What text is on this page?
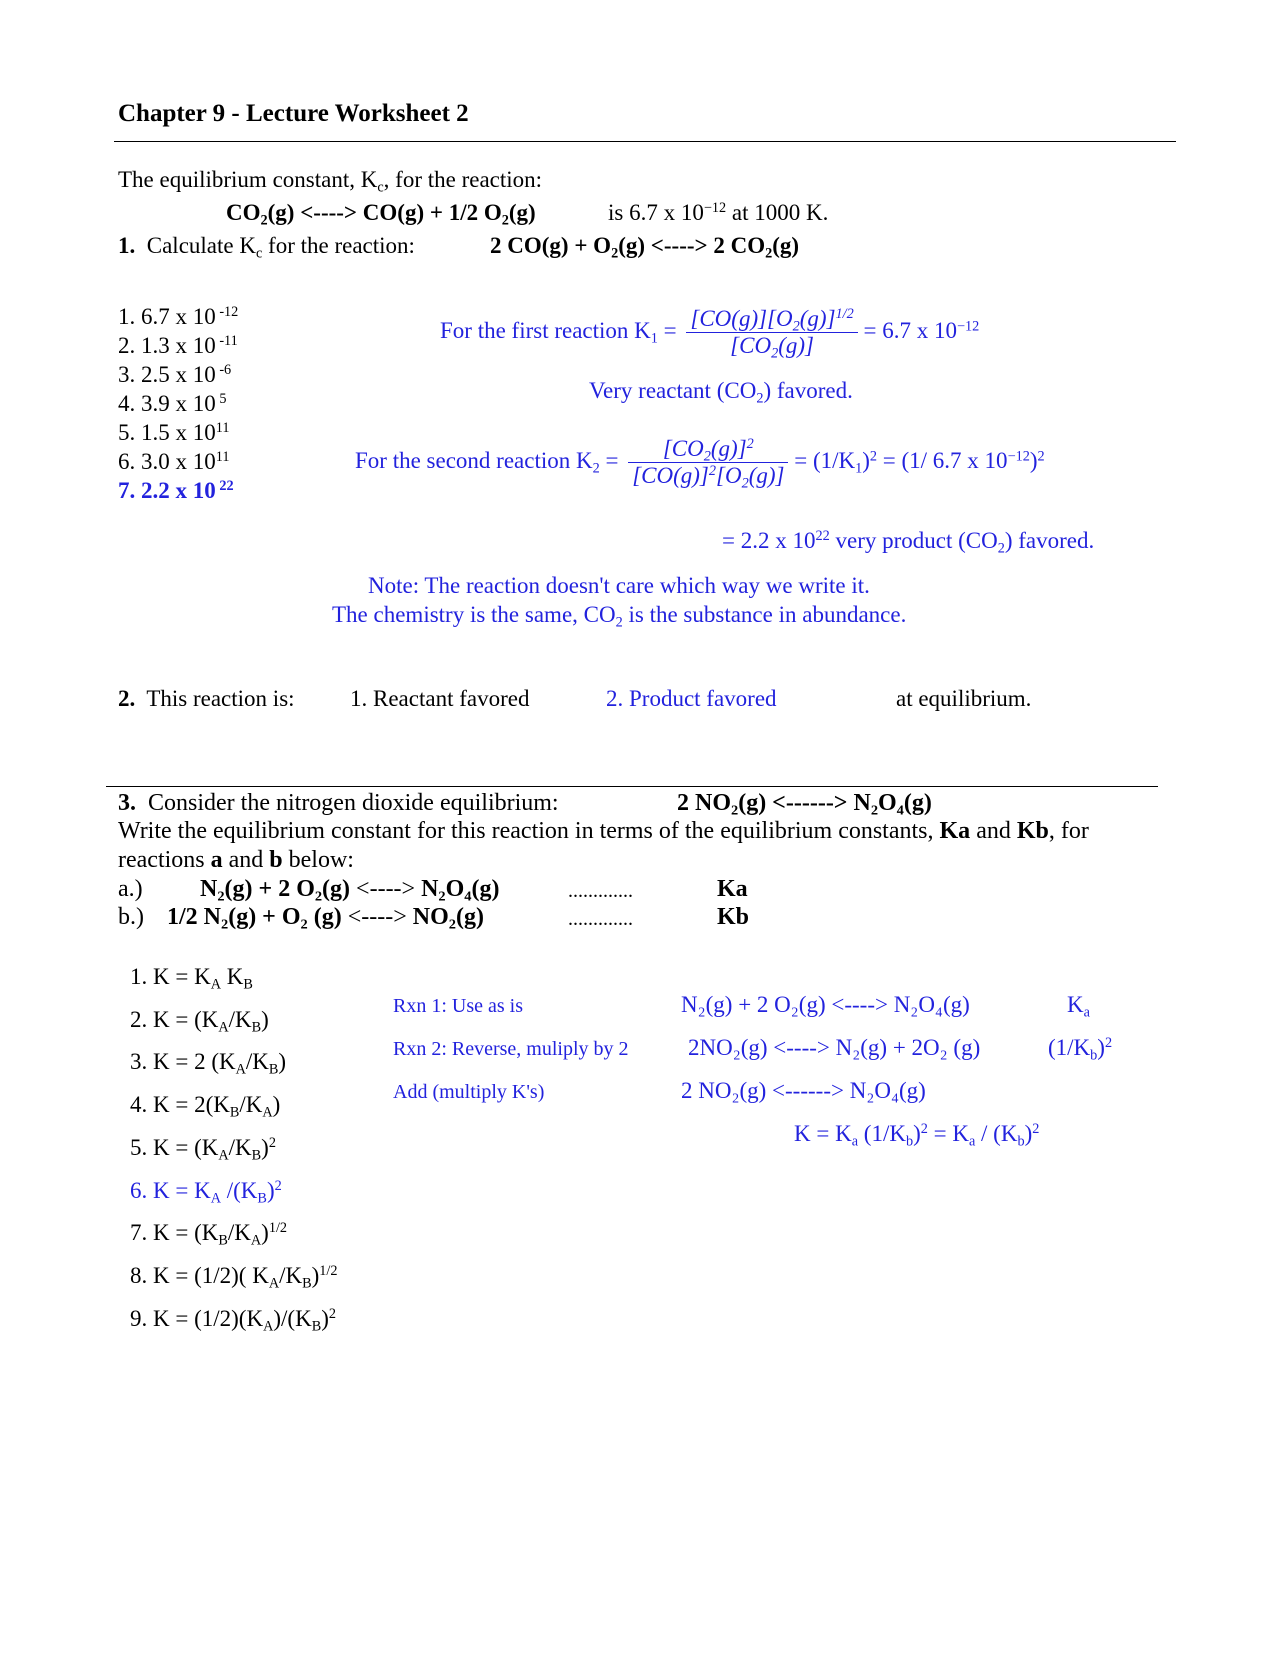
Chapter 9 - Lecture Worksheet 2
The equilibrium constant, $K_c$, for the reaction:
$CO_2(g)$ <----> CO(g) + 1/2 $O_2(g)$	is 6.7 x $10^{-12}$ at 1000 K.
1. Calculate $K_c$ for the reaction:	2 $CO(g) + O_2(g)$ <----> 2 $CO_2(g)$
1. 6.7 x 10 $^{-12}$
2. 1.3 x 10 $^{-11}$
3. 2.5 x 10 $^{-6}$
4. 3.9 x 10 $^5$
5. 1.5 x $10^{11}$
6. 3.0 x $10^{11}$
7. 2.2 x 10 $^{22}$
For the first reaction $K_1 = \frac{[CO(g)][O_2(g)]^{1/2}}{[CO_2(g)]} = 6.7$ x $10^{-12}$
Very reactant $(CO_2)$ favored.
For the second reaction $K_2 = \frac{[CO_2(g)]^2}{[CO(g)]^2[O_2(g)]} = (1/K_1)^2 = (1/$ 6.7 x $10^{-12})^2$
= 2.2 x $10^{22}$ very product $(CO_2)$ favored.
Note: The reaction doesn't care which way we write it.
The chemistry is the same, $CO_2$ is the substance in abundance.
2. This reaction is: 1. Reactant favored	2. Product favored	at equilibrium.
3. Consider the nitrogen dioxide equilibrium:	2 NO₂(g) <------> N₂O₄(g)
Write the equilibrium constant for this reaction in terms of the equilibrium constants, Ka and Kb, for
reactions a and b below:
a.) N₂(g) + 2 O₂(g) <----> N₂O₄(g)	.............	Ka
b.) 1/2 N₂(g) + O₂ (g) <----> NO₂(g)	.............	Kb
1. $K = K_A$ $K_B$
2. $K = (K_A/K_B)$
3. K = 2 $(K_A/K_B)$
4. $K = 2(K_B/K_A)$
5. $K = (K_A/K_B)^2$
6. $K = K_A$ $/(K_B)^2$
7. $K = (K_B/K_A)^{1/2}$
8. K = (1/2)( $K_A/K_B)^{1/2}$
9. $K = (1/2)(K_A)/(K_B)^2$
Rxn 1: Use as is
Rxn 2: Reverse, muliply by 2
Add (multiply K's)
N₂(g) + 2 O₂(g) <----> N₂O₄(g)	$K_a$
2NO₂(g) <----> N₂(g) + 2O₂ (g)	$(1/K_b)^2$
2 NO₂(g) <------> N₂O₄(g)
$K = K_a$ $(1/K_b)^2 = K_a / (K_b)^2$
